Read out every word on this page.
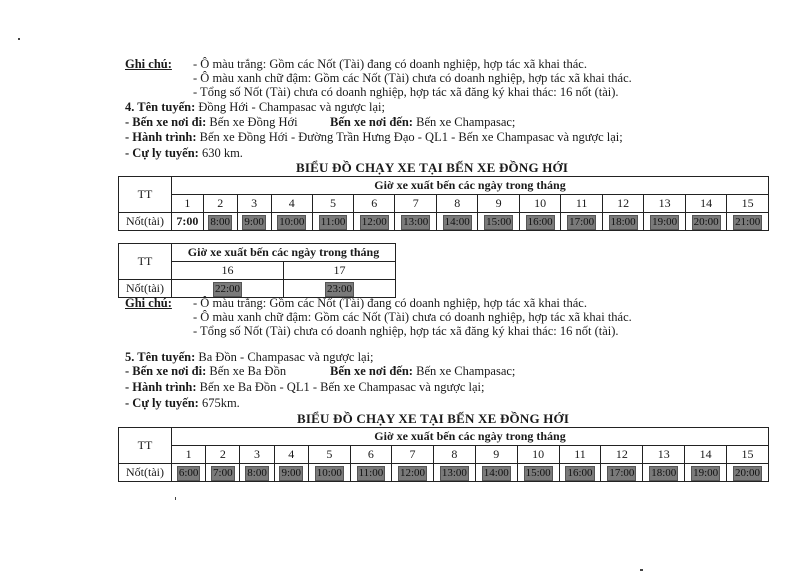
Ghi chú: - Ô màu trắng: Gồm các Nốt (Tài) đang có doanh nghiệp, hợp tác xã khai thác.
- Ô màu xanh chữ đậm: Gồm các Nốt (Tài) chưa có doanh nghiệp, hợp tác xã khai thác.
- Tổng số Nốt (Tài) chưa có doanh nghiệp, hợp tác xã đăng ký khai thác: 16 nốt (tài).
4. Tên tuyến: Đồng Hới - Champasac và ngược lại;
- Bến xe nơi đi: Bến xe Đồng Hới	Bến xe nơi đến: Bến xe Champasac;
- Hành trình: Bến xe Đồng Hới - Đường Trần Hưng Đạo - QL1 - Bến xe Champasac và ngược lại;
- Cự ly tuyến: 630 km.
BIỂU ĐỒ CHẠY XE TẠI BẾN XE ĐỒNG HỚI
TT	Giờ xe xuất bến các ngày trong tháng														
	1	2	3	4	5	6	7	8	9	10	11	12	13	14	15
Nốt(tài)	7:00	8:00	9:00	10:00	11:00	12:00	13:00	14:00	15:00	16:00	17:00	18:00	19:00	20:00	21:00
TT	Giờ xe xuất bến các ngày trong tháng	
	16	17
Nốt(tài)	22:00	23:00
Ghi chú: - Ô màu trắng: Gồm các Nốt (Tài) đang có doanh nghiệp, hợp tác xã khai thác.
- Ô màu xanh chữ đậm: Gồm các Nốt (Tài) chưa có doanh nghiệp, hợp tác xã khai thác.
- Tổng số Nốt (Tài) chưa có doanh nghiệp, hợp tác xã đăng ký khai thác: 16 nốt (tài).
5. Tên tuyến: Ba Đồn - Champasac và ngược lại;
- Bến xe nơi đi: Bến xe Ba Đồn	Bến xe nơi đến: Bến xe Champasac;
- Hành trình: Bến xe Ba Đồn - QL1 - Bến xe Champasac và ngược lại;
- Cự ly tuyến: 675km.
BIỂU ĐỒ CHẠY XE TẠI BẾN XE ĐỒNG HỚI
TT	Giờ xe xuất bến các ngày trong tháng														
	1	2	3	4	5	6	7	8	9	10	11	12	13	14	15
Nốt(tài)	6:00	7:00	8:00	9:00	10:00	11:00	12:00	13:00	14:00	15:00	16:00	17:00	18:00	19:00	20:00
